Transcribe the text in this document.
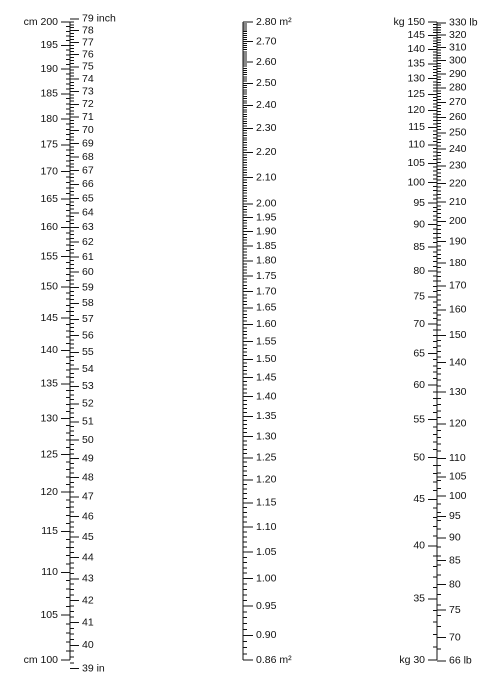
cm 200
195
190
185
180
175
170
165
160
155
150
145
140
135
130
125
120
115
110
105
cm 100
79 inch
78
77
76
75
74
73
72
71
70
69
68
67
66
65
64
63
62
61
60
59
58
57
56
55
54
53
52
51
50
49
48
47
46
45
44
43
42
41
40
39 in
2.80 m²
2.70
2.60
2.50
2.40
2.30
2.20
2.10
2.00
1.95
1.90
1.85
1.80
1.75
1.70
1.65
1.60
1.55
1.50
1.45
1.40
1.35
1.30
1.25
1.20
1.15
1.10
1.05
1.00
0.95
0.90
0.86 m²
kg 150
145
140
135
130
125
120
115
110
105
100
95
90
85
80
75
70
65
60
55
50
45
40
35
kg 30
330 lb
320
310
300
290
280
270
260
250
240
230
220
210
200
190
180
170
160
150
140
130
120
110
105
100
95
90
85
80
75
70
66 lb
